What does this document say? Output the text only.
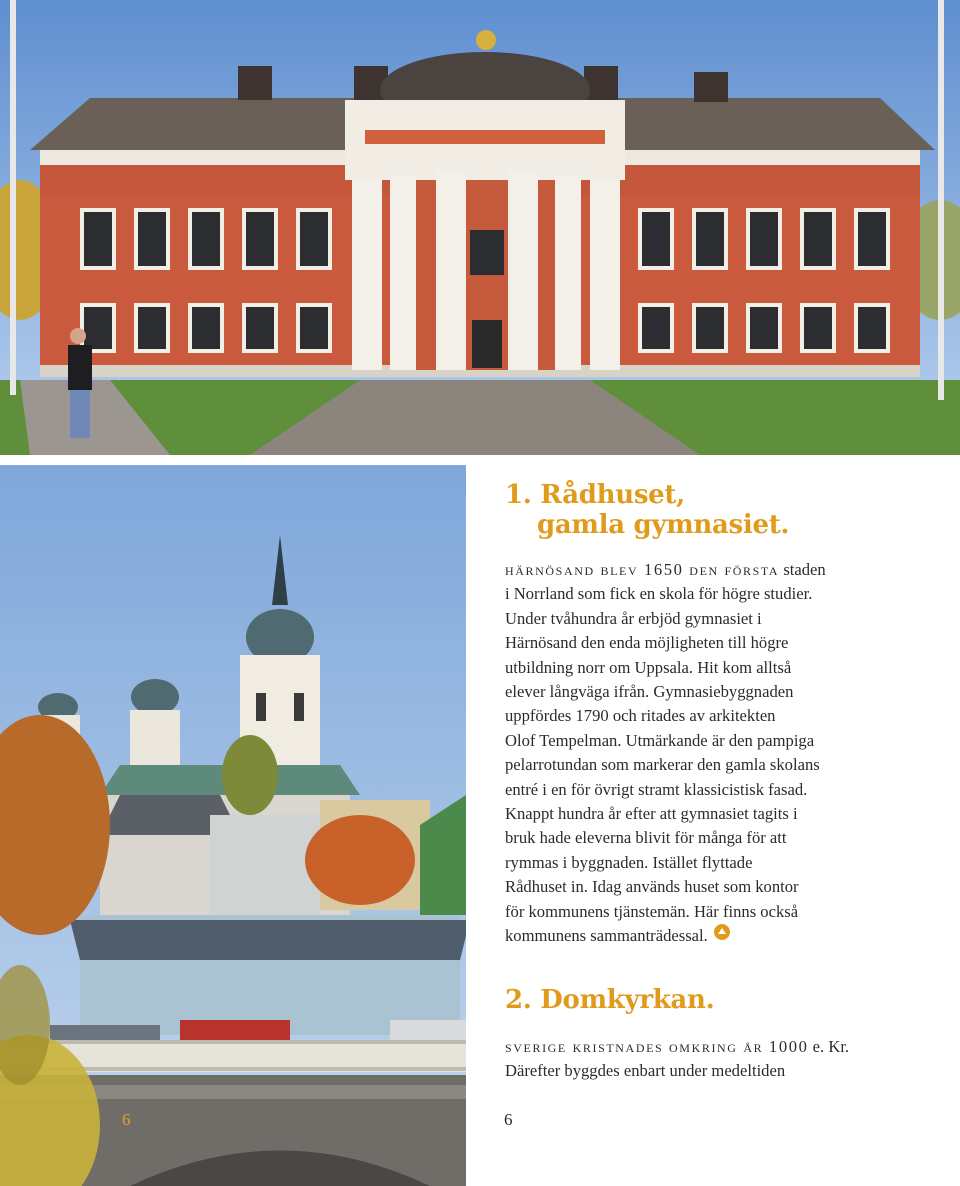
6
1. Rådhuset,
gamla gymnasiet.

härnösand blev 1650 den första staden
i Norrland som fick en skola för högre studier.
Under tvåhundra år erbjöd gymnasiet i
Härnösand den enda möjligheten till högre
utbildning norr om Uppsala. Hit kom alltså
elever långväga ifrån. Gymnasiebyggnaden
uppfördes 1790 och ritades av arkitekten
Olof Tempelman. Utmärkande är den pampiga
pelarrotundan som markerar den gamla skolans
entré i en för övrigt stramt klassicistisk fasad.
Knappt hundra år efter att gymnasiet tagits i
bruk hade eleverna blivit för många för att
rymmas i byggnaden. Istället flyttade
Rådhuset in. Idag används huset som kontor
för kommunens tjänstemän. Här finns också
kommunens sammanträdessal.

2. Domkyrkan.

sverige kristnades omkring år 1000 e. Kr.
Därefter byggdes enbart under medeltiden

6
